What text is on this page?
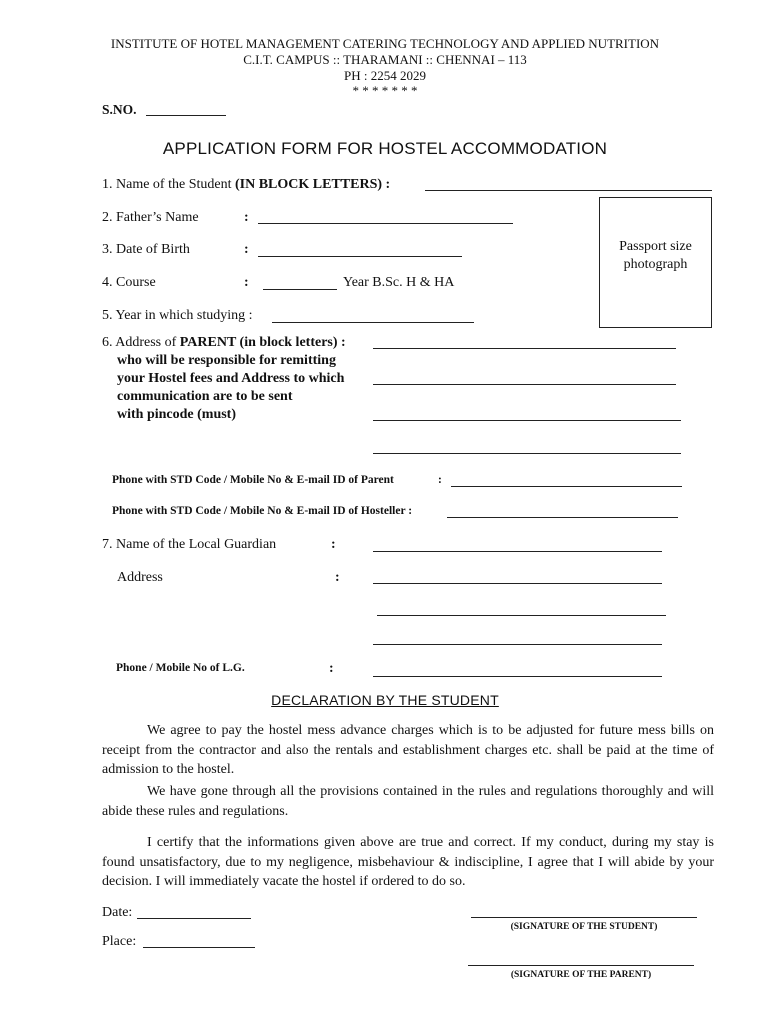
INSTITUTE OF HOTEL MANAGEMENT CATERING TECHNOLOGY AND APPLIED NUTRITION
C.I.T. CAMPUS :: THARAMANI :: CHENNAI – 113
PH : 2254 2029
* * * * * * *
S.NO.
APPLICATION FORM FOR HOSTEL ACCOMMODATION
1. Name of the Student (IN BLOCK LETTERS) :
2. Father’s Name	:
Passport size
photograph
3. Date of Birth	:
4. Course	:	Year B.Sc. H & HA
5. Year in which studying :
6. Address of PARENT (in block letters) :
who will be responsible for remitting
your Hostel fees and Address to which
communication are to be sent
with pincode (must)
Phone with STD Code / Mobile No & E-mail ID of Parent	:
Phone with STD Code / Mobile No & E-mail ID of Hosteller :
7. Name of the Local Guardian	:
Address	:
Phone / Mobile No of L.G.	:
DECLARATION BY THE STUDENT
We agree to pay the hostel mess advance charges which is to be adjusted for future mess bills on receipt from the contractor and also the rentals and establishment charges etc. shall be paid at the time of admission to the hostel.
We have gone through all the provisions contained in the rules and regulations thoroughly and will abide these rules and regulations.
I certify that the informations given above are true and correct. If my conduct, during my stay is found unsatisfactory, due to my negligence, misbehaviour & indiscipline, I agree that I will abide by your decision. I will immediately vacate the hostel if ordered to do so.
Date:
Place:
(SIGNATURE OF THE STUDENT)
(SIGNATURE OF THE PARENT)
